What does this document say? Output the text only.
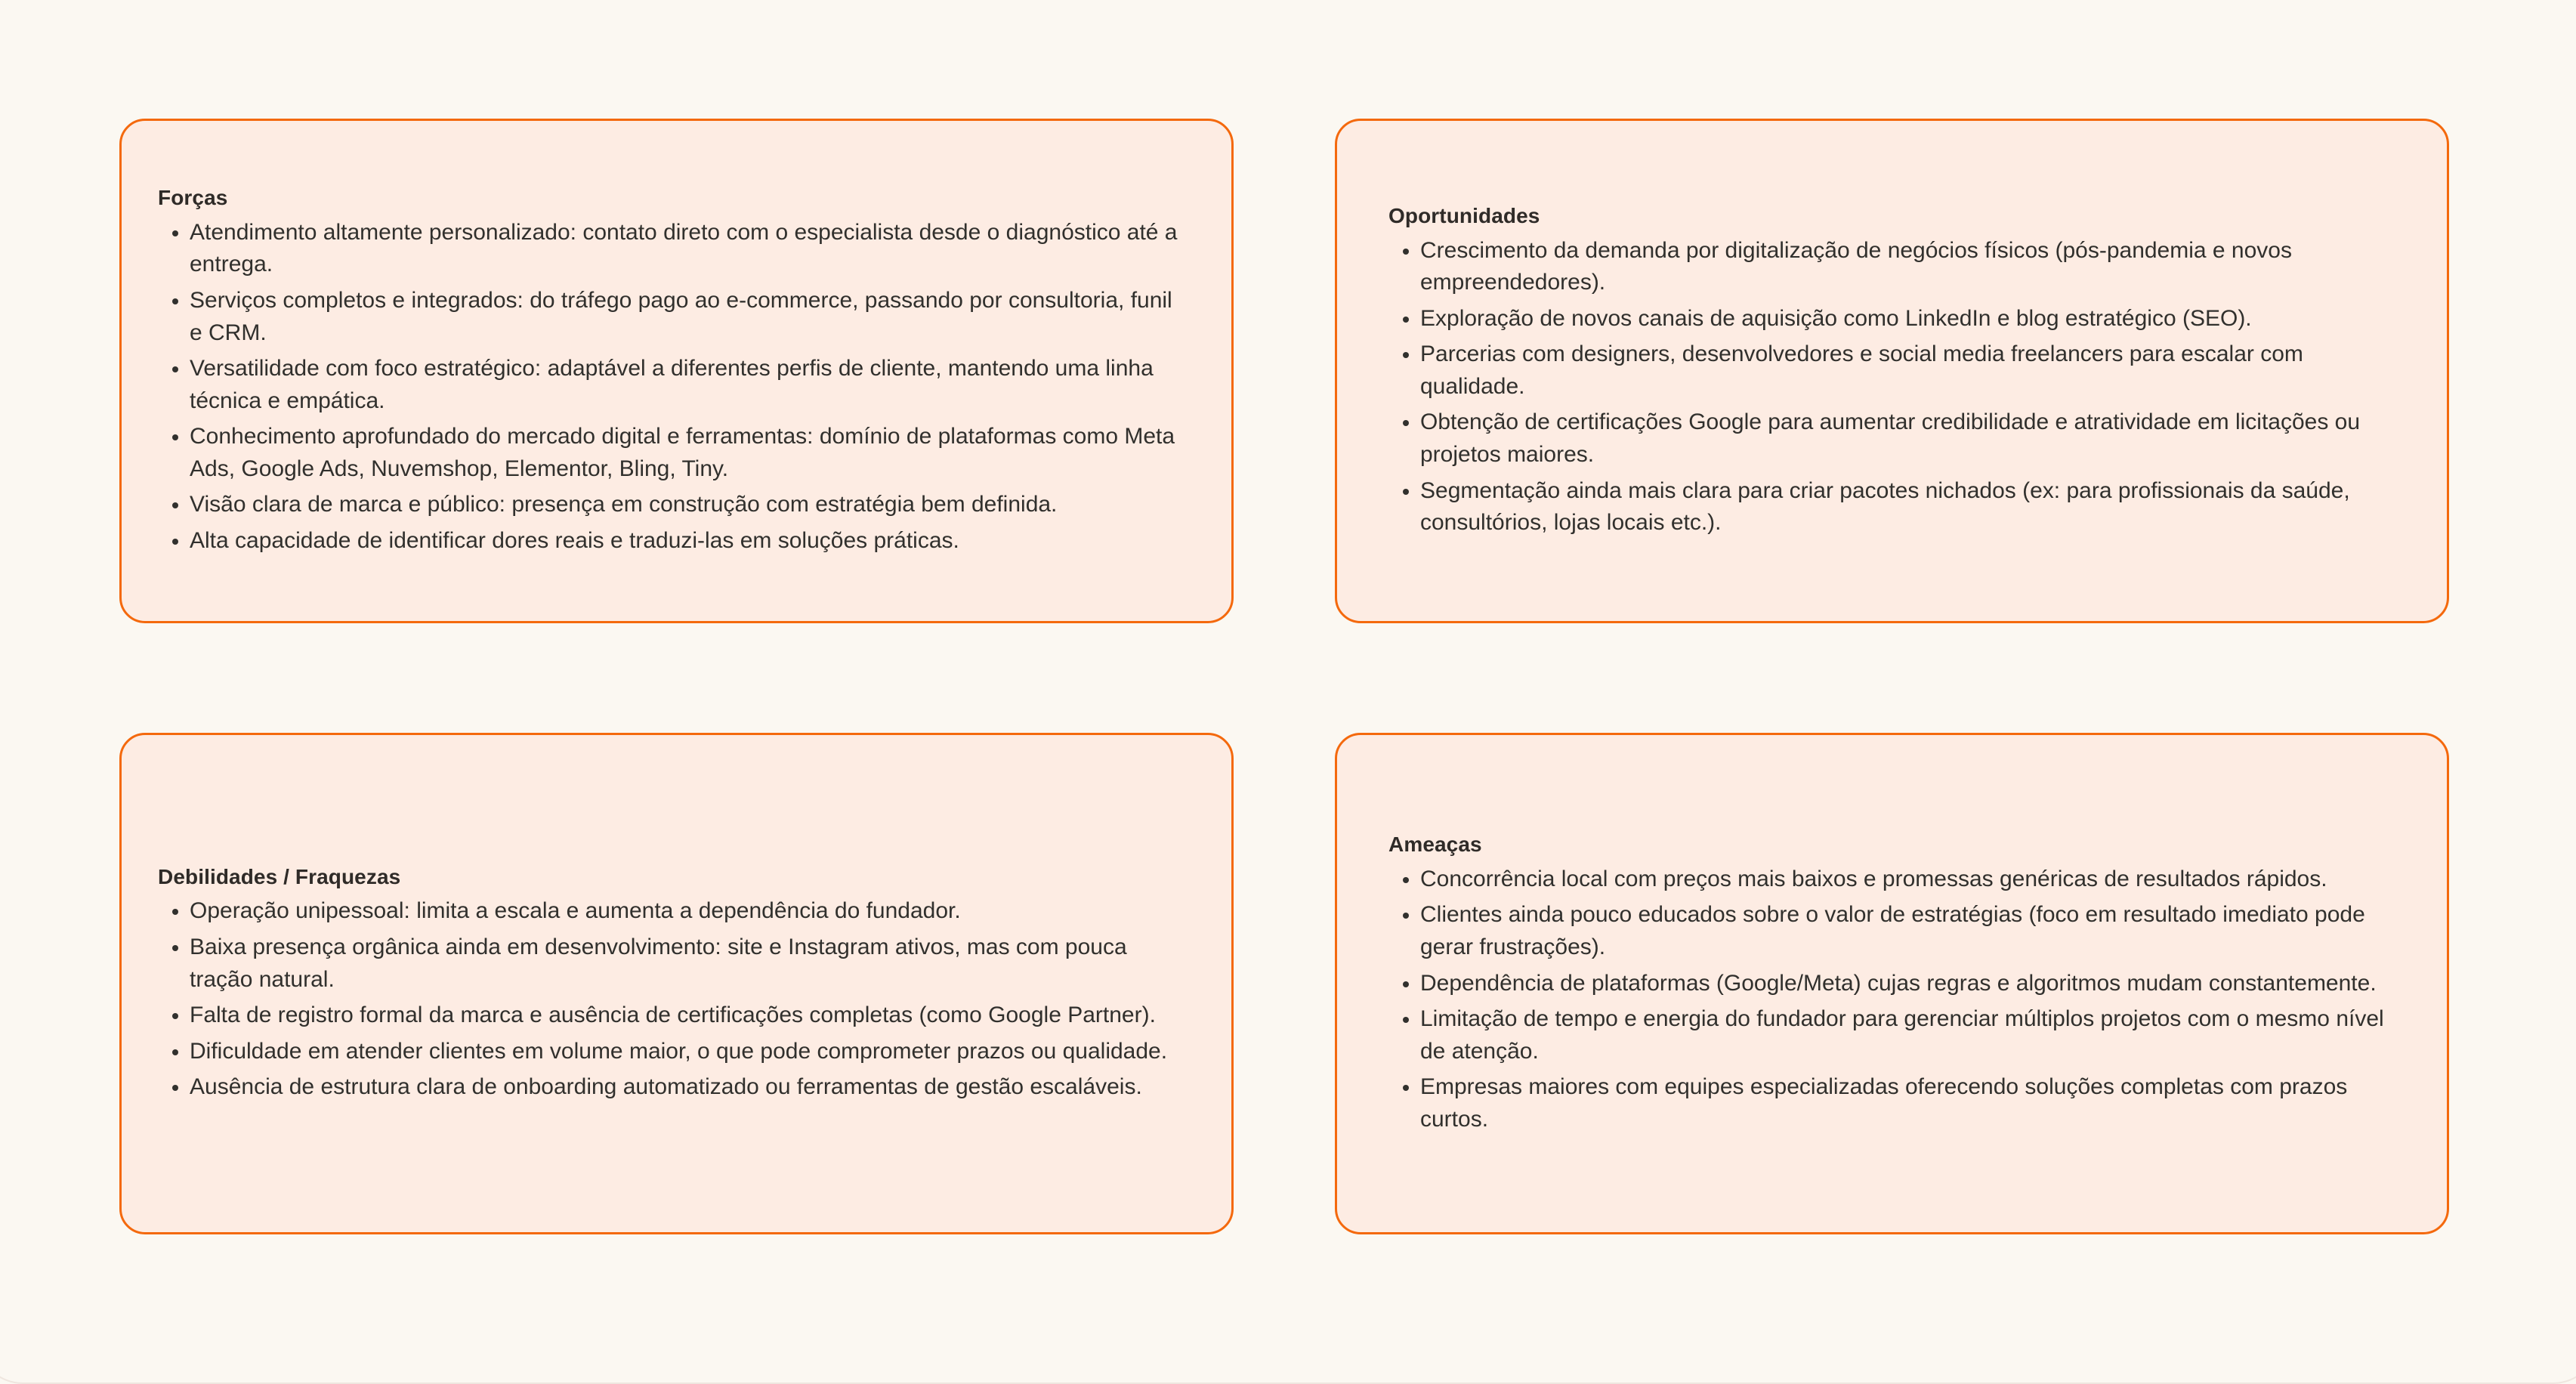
Forças
Atendimento altamente personalizado: contato direto com o especialista desde o diagnóstico até a entrega.
Serviços completos e integrados: do tráfego pago ao e-commerce, passando por consultoria, funil e CRM.
Versatilidade com foco estratégico: adaptável a diferentes perfis de cliente, mantendo uma linha técnica e empática.
Conhecimento aprofundado do mercado digital e ferramentas: domínio de plataformas como Meta Ads, Google Ads, Nuvemshop, Elementor, Bling, Tiny.
Visão clara de marca e público: presença em construção com estratégia bem definida.
Alta capacidade de identificar dores reais e traduzi-las em soluções práticas.
Oportunidades
Crescimento da demanda por digitalização de negócios físicos (pós-pandemia e novos empreendedores).
Exploração de novos canais de aquisição como LinkedIn e blog estratégico (SEO).
Parcerias com designers, desenvolvedores e social media freelancers para escalar com qualidade.
Obtenção de certificações Google para aumentar credibilidade e atratividade em licitações ou projetos maiores.
Segmentação ainda mais clara para criar pacotes nichados (ex: para profissionais da saúde, consultórios, lojas locais etc.).
Debilidades / Fraquezas
Operação unipessoal: limita a escala e aumenta a dependência do fundador.
Baixa presença orgânica ainda em desenvolvimento: site e Instagram ativos, mas com pouca tração natural.
Falta de registro formal da marca e ausência de certificações completas (como Google Partner).
Dificuldade em atender clientes em volume maior, o que pode comprometer prazos ou qualidade.
Ausência de estrutura clara de onboarding automatizado ou ferramentas de gestão escaláveis.
Ameaças
Concorrência local com preços mais baixos e promessas genéricas de resultados rápidos.
Clientes ainda pouco educados sobre o valor de estratégias (foco em resultado imediato pode gerar frustrações).
Dependência de plataformas (Google/Meta) cujas regras e algoritmos mudam constantemente.
Limitação de tempo e energia do fundador para gerenciar múltiplos projetos com o mesmo nível de atenção.
Empresas maiores com equipes especializadas oferecendo soluções completas com prazos curtos.
